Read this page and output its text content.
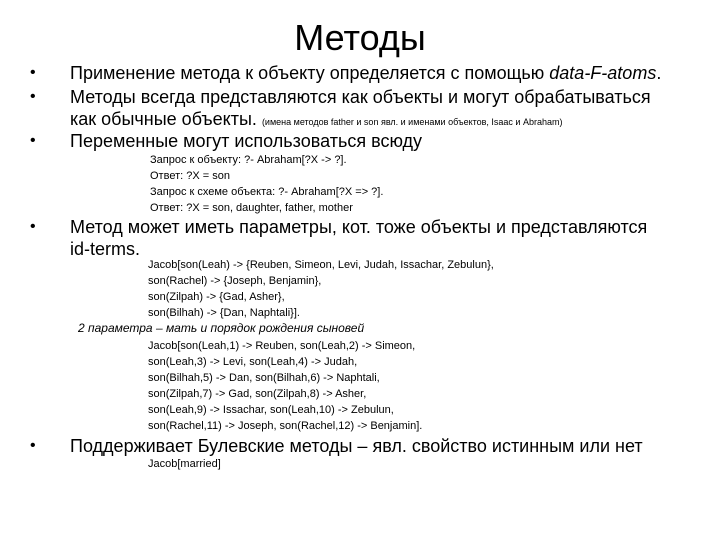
Методы
•	Применение метода к объекту определяется с помощью data-F-atoms.
•	Методы всегда представляются как объекты и могут обрабатываться
как обычные объекты. (имена методов father и son явл. и именами объектов, Isaac и Abraham)
•	Переменные могут использоваться всюду
Запрос к объекту: ?- Abraham[?X -> ?].
Ответ: ?X = son
Запрос к схеме объекта: ?- Abraham[?X => ?].
Ответ: ?X = son, daughter, father, mother
•	Метод может иметь параметры, кот. тоже объекты и представляются
id-terms.
Jacob[son(Leah) -> {Reuben, Simeon, Levi, Judah, Issachar, Zebulun},
son(Rachel) -> {Joseph, Benjamin},
son(Zilpah) -> {Gad, Asher},
son(Bilhah) -> {Dan, Naphtali}].
2 параметра – мать и порядок рождения сыновей
Jacob[son(Leah,1) -> Reuben, son(Leah,2) -> Simeon,
son(Leah,3) -> Levi, son(Leah,4) -> Judah,
son(Bilhah,5) -> Dan, son(Bilhah,6) -> Naphtali,
son(Zilpah,7) -> Gad, son(Zilpah,8) -> Asher,
son(Leah,9) -> Issachar, son(Leah,10) -> Zebulun,
son(Rachel,11) -> Joseph, son(Rachel,12) -> Benjamin].
•	Поддерживает Булевские методы – явл. свойство истинным или нет
Jacob[married]
